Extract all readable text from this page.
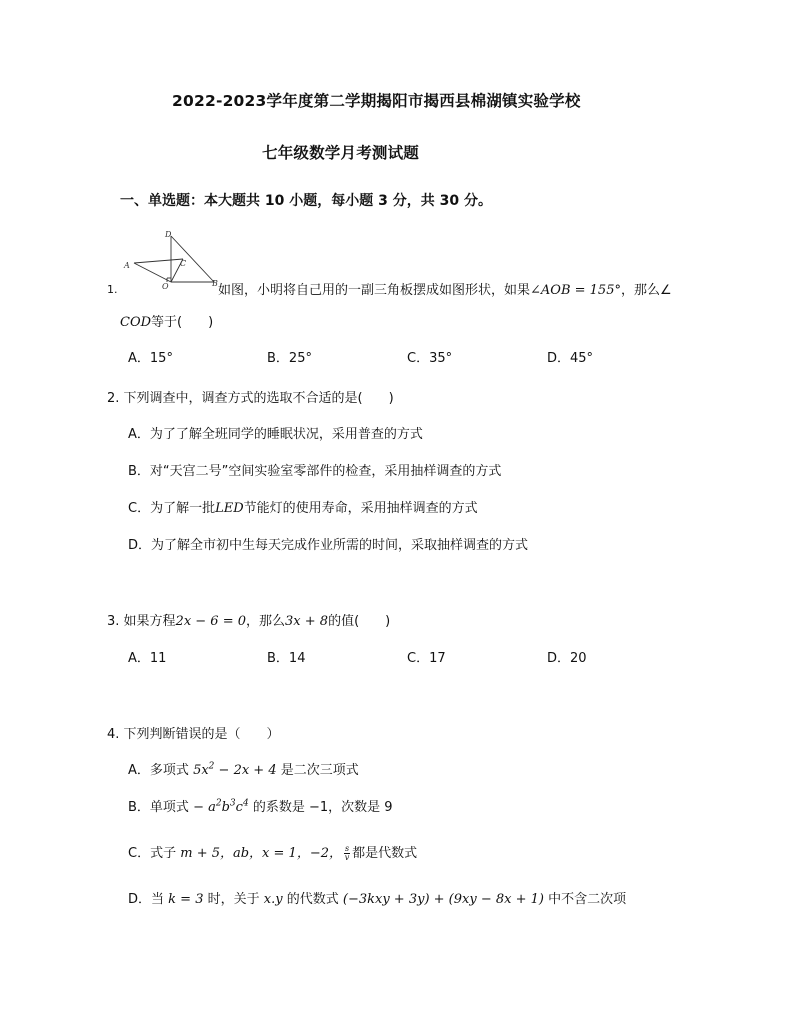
2022-2023学年度第二学期揭阳市揭西县棉湖镇实验学校
七年级数学月考测试题
一、单选题：本大题共 10 小题，每小题 3 分，共 30 分。
D
C
A
O	B
1.	如图，小明将自己用的一副三角板摆成如图形状，如果∠AOB = 155°，那么∠
COD等于(　　)
A．15°	B．25°	C．35°	D．45°
2. 下列调查中，调查方式的选取不合适的是(　　)
A．为了了解全班同学的睡眠状况，采用普查的方式
B．对“天宫二号”空间实验室零部件的检查，采用抽样调查的方式
C．为了解一批LED节能灯的使用寿命，采用抽样调查的方式
D．为了解全市初中生每天完成作业所需的时间，采取抽样调查的方式
3. 如果方程2x − 6 = 0，那么3x + 8的值(　　)
A．11	B．14	C．17	D．20
4. 下列判断错误的是（　　）
A．多项式 $5x^2 - 2x + 4$ 是二次三项式
B．单项式 − $a^2b^3c^4$ 的系数是 −1，次数是 9
C．式子 m + 5，ab，x = 1，−2， $\frac{s}{v}$ 都是代数式
D．当 k = 3 时，关于 x.y 的代数式 (−3kxy + 3y) + (9xy − 8x + 1) 中不含二次项
